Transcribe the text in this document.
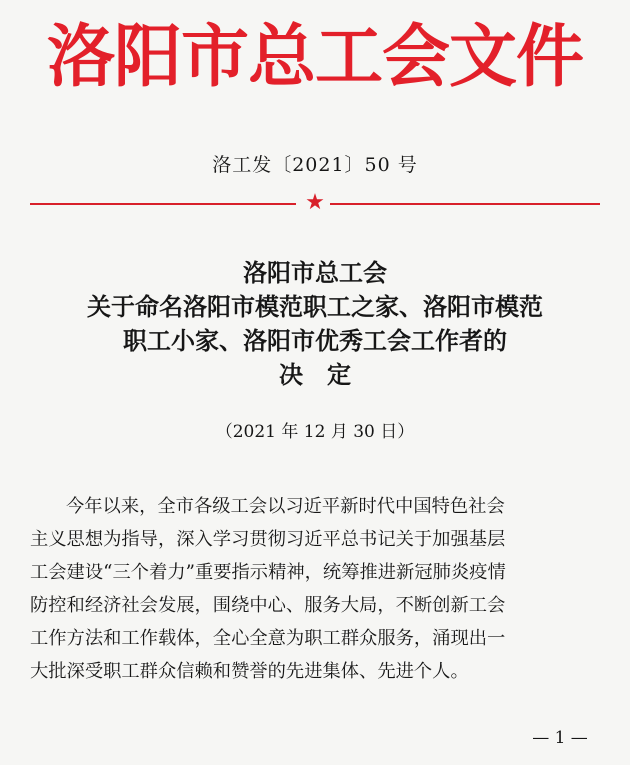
洛阳市总工会文件
洛工发〔2021〕50 号
★
洛阳市总工会
关于命名洛阳市模范职工之家、洛阳市模范
职工小家、洛阳市优秀工会工作者的
决　定
（2021 年 12 月 30 日）
今年以来，全市各级工会以习近平新时代中国特色社会
主义思想为指导，深入学习贯彻习近平总书记关于加强基层
工会建设“三个着力”重要指示精神，统筹推进新冠肺炎疫情
防控和经济社会发展，围绕中心、服务大局，不断创新工会
工作方法和工作载体，全心全意为职工群众服务，涌现出一
大批深受职工群众信赖和赞誉的先进集体、先进个人。
— 1 —
